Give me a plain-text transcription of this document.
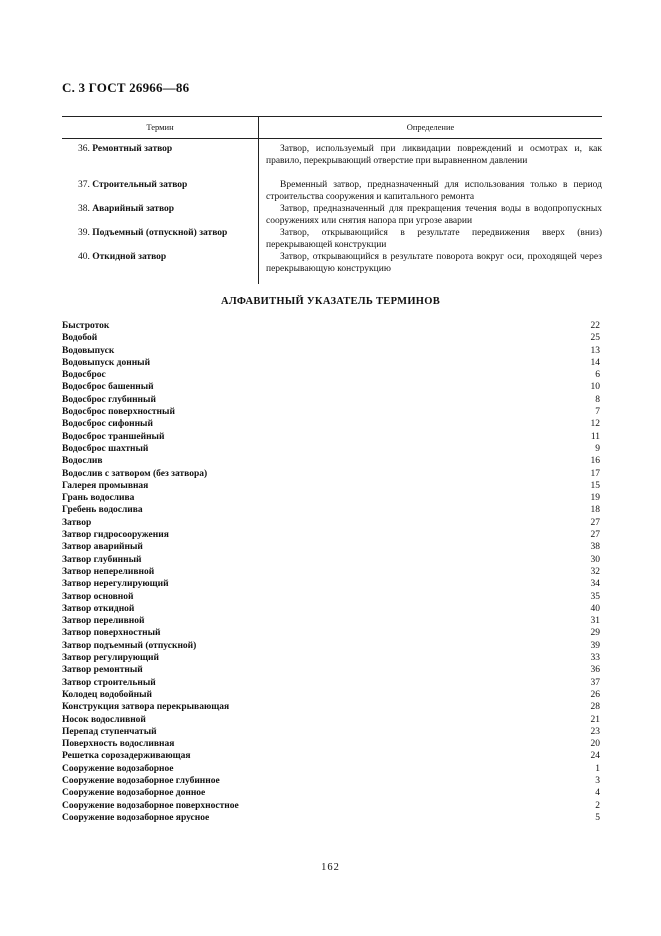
С. 3 ГОСТ 26966—86
Термин	Определение
36. Ремонтный затвор	Затвор, используемый при ликвидации повреждений и осмотрах и, как правило, перекрывающий отверстие при выравненном давлении
37. Строительный затвор	Временный затвор, предназначенный для использования только в период строительства сооружения и капитального ремонта
38. Аварийный затвор	Затвор, предназначенный для прекращения течения воды в водопропускных сооружениях или снятия напора при угрозе аварии
39. Подъемный (отпускной) затвор	Затвор, открывающийся в результате передвижения вверх (вниз) перекрывающей конструкции
40. Откидной затвор	Затвор, открывающийся в результате поворота вокруг оси, проходящей через перекрывающую конструкцию
АЛФАВИТНЫЙ УКАЗАТЕЛЬ ТЕРМИНОВ
Быстроток	22
Водобой	25
Водовыпуск	13
Водовыпуск донный	14
Водосброс	6
Водосброс башенный	10
Водосброс глубинный	8
Водосброс поверхностный	7
Водосброс сифонный	12
Водосброс траншейный	11
Водосброс шахтный	9
Водослив	16
Водослив с затвором (без затвора)	17
Галерея промывная	15
Грань водослива	19
Гребень водослива	18
Затвор	27
Затвор гидросооружения	27
Затвор аварийный	38
Затвор глубинный	30
Затвор непереливной	32
Затвор нерегулирующий	34
Затвор основной	35
Затвор откидной	40
Затвор переливной	31
Затвор поверхностный	29
Затвор подъемный (отпускной)	39
Затвор регулирующий	33
Затвор ремонтный	36
Затвор строительный	37
Колодец водобойный	26
Конструкция затвора перекрывающая	28
Носок водосливной	21
Перепад ступенчатый	23
Поверхность водосливная	20
Решетка сорозадерживающая	24
Сооружение водозаборное	1
Сооружение водозаборное глубинное	3
Сооружение водозаборное донное	4
Сооружение водозаборное поверхностное	2
Сооружение водозаборное ярусное	5
162
